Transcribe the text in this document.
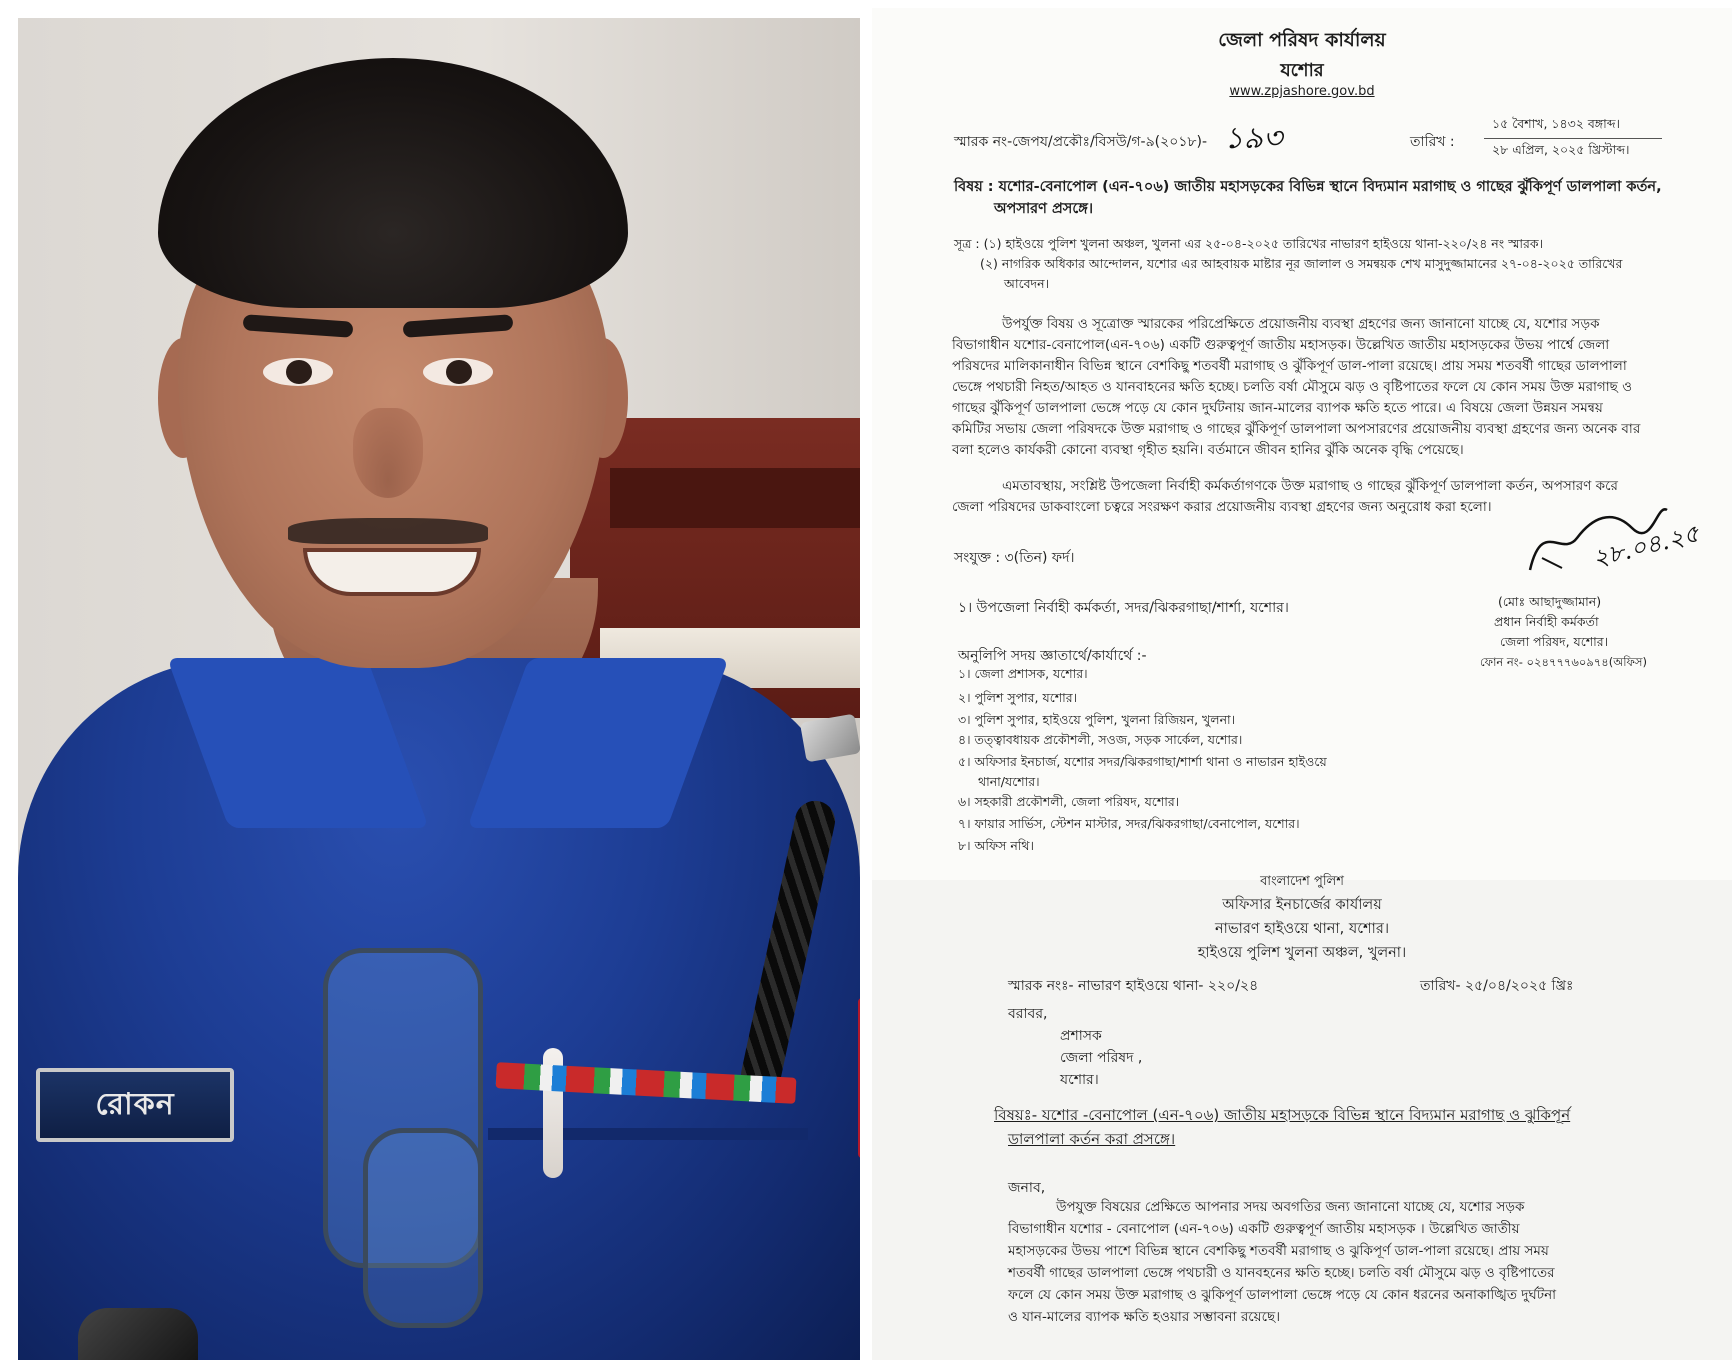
রোকন
জেলা পরিষদ কার্যালয়
যশোর
www.zpjashore.gov.bd
স্মারক নং-জেপয/প্রকৌঃ/বিসউ/গ-৯(২০১৮)- ১৯৩	তারিখ :
১৫ বৈশাখ, ১৪৩২ বঙ্গাব্দ।
২৮ এপ্রিল, ২০২৫ খ্রিস্টাব্দ।
বিষয় : যশোর-বেনাপোল (এন-৭০৬) জাতীয় মহাসড়কের বিভিন্ন স্থানে বিদ্যমান মরাগাছ ও গাছের ঝুঁকিপূর্ণ ডালপালা কর্তন,
অপসারণ প্রসঙ্গে।
সূত্র : (১) হাইওয়ে পুলিশ খুলনা অঞ্চল, খুলনা এর ২৫-০৪-২০২৫ তারিখের নাভারণ হাইওয়ে থানা-২২০/২৪ নং স্মারক।
(২) নাগরিক অধিকার আন্দোলন, যশোর এর আহবায়ক মাষ্টার নূর জালাল ও সমন্বয়ক শেখ মাসুদুজ্জামানের ২৭-০৪-২০২৫ তারিখের
আবেদন।
উপর্যুক্ত বিষয় ও সূত্রোক্ত স্মারকের পরিপ্রেক্ষিতে প্রয়োজনীয় ব্যবস্থা গ্রহণের জন্য জানানো যাচ্ছে যে, যশোর সড়ক
বিভাগাধীন যশোর-বেনাপোল(এন-৭০৬) একটি গুরুত্বপূর্ণ জাতীয় মহাসড়ক। উল্লেখিত জাতীয় মহাসড়কের উভয় পার্শ্বে জেলা
পরিষদের মালিকানাধীন বিভিন্ন স্থানে বেশকিছু শতবর্ষী মরাগাছ ও ঝুঁকিপূর্ণ ডাল-পালা রয়েছে। প্রায় সময় শতবর্ষী গাছের ডালপালা
ভেঙ্গে পথচারী নিহত/আহত ও যানবাহনের ক্ষতি হচ্ছে। চলতি বর্ষা মৌসুমে ঝড় ও বৃষ্টিপাতের ফলে যে কোন সময় উক্ত মরাগাছ ও
গাছের ঝুঁকিপূর্ণ ডালপালা ভেঙ্গে পড়ে যে কোন দুর্ঘটনায় জান-মালের ব্যাপক ক্ষতি হতে পারে। এ বিষয়ে জেলা উন্নয়ন সমন্বয়
কমিটির সভায় জেলা পরিষদকে উক্ত মরাগাছ ও গাছের ঝুঁকিপূর্ণ ডালপালা অপসারণের প্রয়োজনীয় ব্যবস্থা গ্রহণের জন্য অনেক বার
বলা হলেও কার্যকরী কোনো ব্যবস্থা গৃহীত হয়নি। বর্তমানে জীবন হানির ঝুঁকি অনেক বৃদ্ধি পেয়েছে।
এমতাবস্থায়, সংশ্লিষ্ট উপজেলা নির্বাহী কর্মকর্তাগণকে উক্ত মরাগাছ ও গাছের ঝুঁকিপূর্ণ ডালপালা কর্তন, অপসারণ করে
জেলা পরিষদের ডাকবাংলো চত্বরে সংরক্ষণ করার প্রয়োজনীয় ব্যবস্থা গ্রহণের জন্য অনুরোধ করা হলো।
সংযুক্ত : ৩(তিন) ফর্দ।	২৮.০৪.২৫
(মোঃ আছাদুজ্জামান)
প্রধান নির্বাহী কর্মকর্তা
জেলা পরিষদ, যশোর।
ফোন নং- ০২৪৭৭৭৬০৯৭৪(অফিস)
১। উপজেলা নির্বাহী কর্মকর্তা, সদর/ঝিকরগাছা/শার্শা, যশোর।
অনুলিপি সদয় জ্ঞাতার্থে/কার্যার্থে :-
১। জেলা প্রশাসক, যশোর।
২। পুলিশ সুপার, যশোর।
৩। পুলিশ সুপার, হাইওয়ে পুলিশ, খুলনা রিজিয়ন, খুলনা।
৪। তত্ত্বাবধায়ক প্রকৌশলী, সওজ, সড়ক সার্কেল, যশোর।
৫। অফিসার ইনচার্জ, যশোর সদর/ঝিকরগাছা/শার্শা থানা ও নাভারন হাইওয়ে
থানা/যশোর।
৬। সহকারী প্রকৌশলী, জেলা পরিষদ, যশোর।
৭। ফায়ার সার্ভিস, স্টেশন মাস্টার, সদর/ঝিকরগাছা/বেনাপোল, যশোর।
৮। অফিস নথি।
বাংলাদেশ পুলিশ
অফিসার ইনচার্জের কার্যালয়
নাভারণ হাইওয়ে থানা, যশোর।
হাইওয়ে পুলিশ খুলনা অঞ্চল, খুলনা।
স্মারক নংঃ- নাভারণ হাইওয়ে থানা- ২২০/২৪	তারিখ- ২৫/০৪/২০২৫ খ্রিঃ
বরাবর,
প্রশাসক
জেলা পরিষদ ,
যশোর।
বিষয়ঃ- যশোর -বেনাপোল (এন-৭০৬) জাতীয় মহাসড়কে বিভিন্ন স্থানে বিদ্যমান মরাগাছ ও ঝুকিপূর্ন
ডালপালা কর্তন করা প্রসঙ্গে।
জনাব,
উপযুক্ত বিষয়ের প্রেক্ষিতে আপনার সদয় অবগতির জন্য জানানো যাচ্ছে যে, যশোর সড়ক
বিভাগাধীন যশোর - বেনাপোল (এন-৭০৬) একটি গুরুত্বপূর্ণ জাতীয় মহাসড়ক । উল্লেখিত জাতীয়
মহাসড়কের উভয় পাশে বিভিন্ন স্থানে বেশকিছু শতবর্ষী মরাগাছ ও ঝুকিপূর্ণ ডাল-পালা রয়েছে। প্রায় সময়
শতবর্ষী গাছের ডালপালা ভেঙ্গে পথচারী ও যানবহনের ক্ষতি হচ্ছে। চলতি বর্ষা মৌসুমে ঝড় ও বৃষ্টিপাতের
ফলে যে কোন সময় উক্ত মরাগাছ ও ঝুকিপূর্ণ ডালপালা ভেঙ্গে পড়ে যে কোন ধরনের অনাকাঙ্খিত দুর্ঘটনা
ও যান-মালের ব্যাপক ক্ষতি হওয়ার সম্ভাবনা রয়েছে।
